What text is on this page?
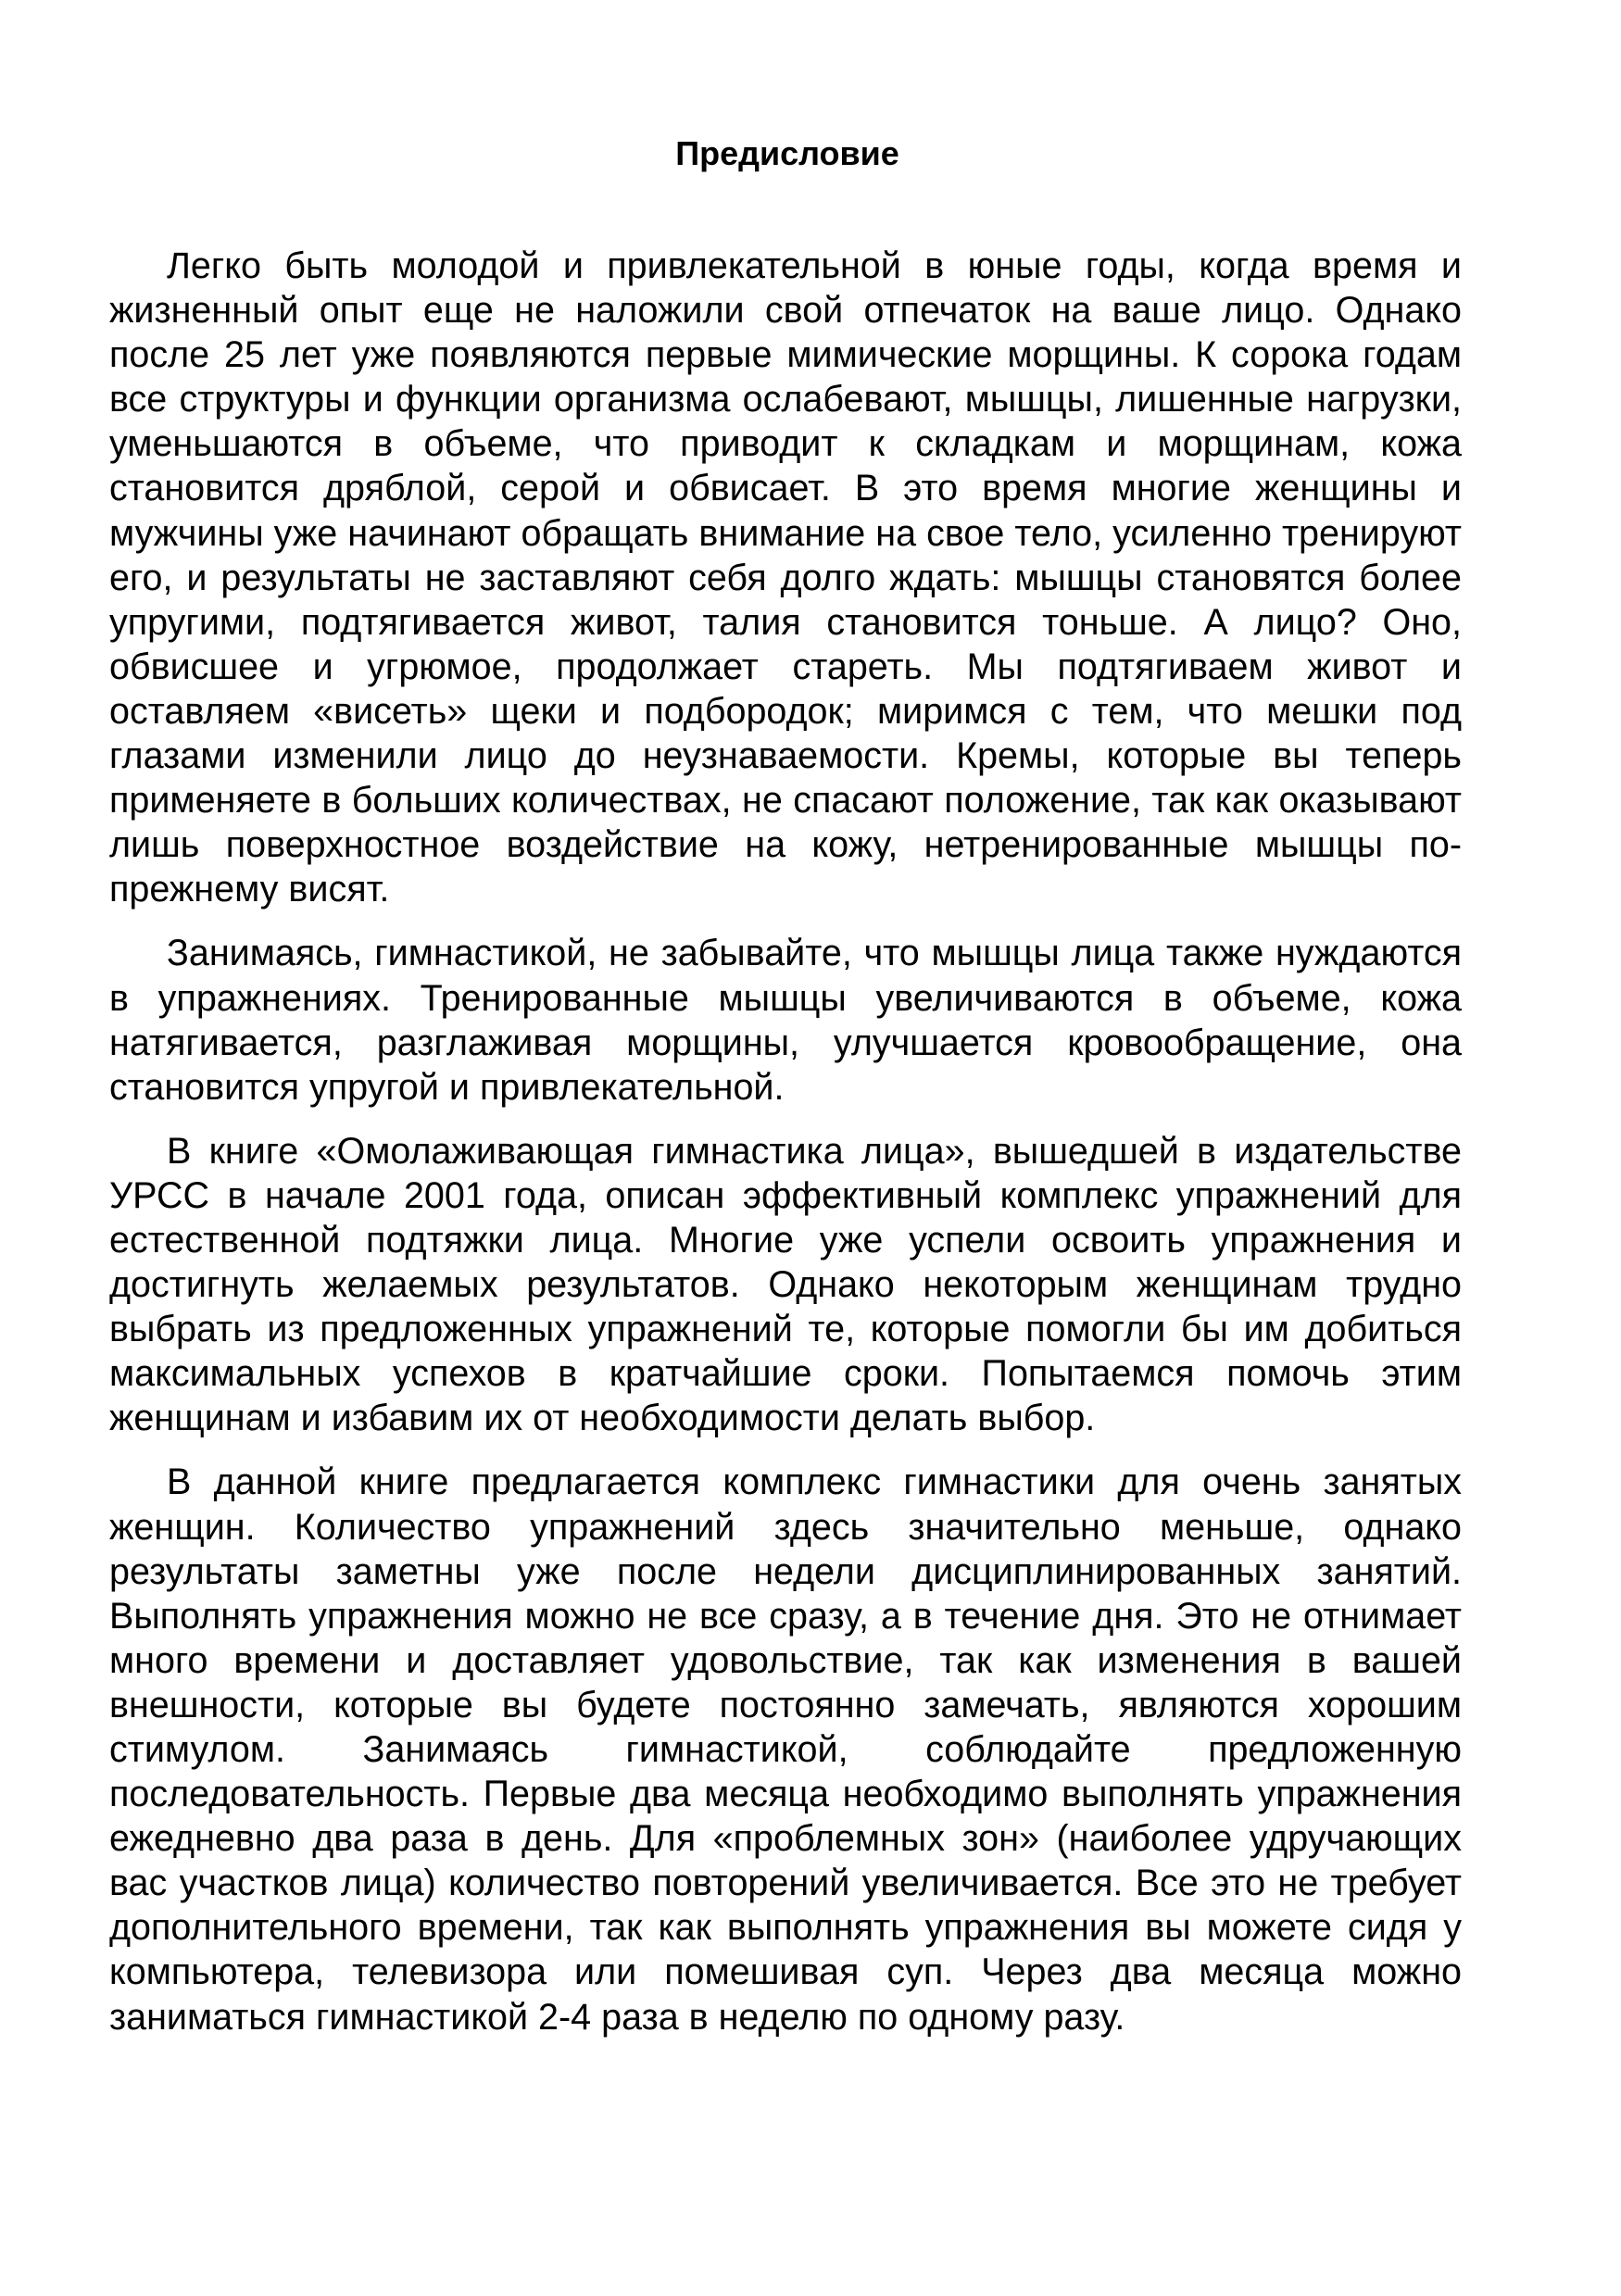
Предисловие

Легко быть молодой и привлекательной в юные годы, когда время и жизненный опыт еще не наложили свой отпечаток на ваше лицо. Однако после 25 лет уже появляются первые мимические морщины. К сорока годам все структуры и функции организма ослабевают, мышцы, лишенные нагрузки, уменьшаются в объеме, что приводит к складкам и морщинам, кожа становится дряблой, серой и обвисает. В это время многие женщины и мужчины уже начинают обращать внимание на свое тело, усиленно тренируют его, и результаты не заставляют себя долго ждать: мышцы становятся более упругими, подтягивается живот, талия становится тоньше. А лицо? Оно, обвисшее и угрюмое, продолжает стареть. Мы подтягиваем живот и оставляем «висеть» щеки и подбородок; миримся с тем, что мешки под глазами изменили лицо до неузнаваемости. Кремы, которые вы теперь применяете в больших количествах, не спасают положение, так как оказывают лишь поверхностное воздействие на кожу, нетренированные мышцы по-прежнему висят.

Занимаясь, гимнастикой, не забывайте, что мышцы лица также нуждаются в упражнениях. Тренированные мышцы увеличиваются в объеме, кожа натягивается, разглаживая морщины, улучшается кровообращение, она становится упругой и привлекательной.

В книге «Омолаживающая гимнастика лица», вышедшей в издательстве УРСС в начале 2001 года, описан эффективный комплекс упражнений для естественной подтяжки лица. Многие уже успели освоить упражнения и достигнуть желаемых результатов. Однако некоторым женщинам трудно выбрать из предложенных упражнений те, которые помогли бы им добиться максимальных успехов в кратчайшие сроки. Попытаемся помочь этим женщинам и избавим их от необходимости делать выбор.

В данной книге предлагается комплекс гимнастики для очень занятых женщин. Количество упражнений здесь значительно меньше, однако результаты заметны уже после недели дисциплинированных занятий. Выполнять упражнения можно не все сразу, а в течение дня. Это не отнимает много времени и доставляет удовольствие, так как изменения в вашей внешности, которые вы будете постоянно замечать, являются хорошим стимулом. Занимаясь гимнастикой, соблюдайте предложенную последовательность. Первые два месяца необходимо выполнять упражнения ежедневно два раза в день. Для «проблемных зон» (наиболее удручающих вас участков лица) количество повторений увеличивается. Все это не требует дополнительного времени, так как выполнять упражнения вы можете сидя у компьютера, телевизора или помешивая суп. Через два месяца можно заниматься гимнастикой 2-4 раза в неделю по одному разу.
